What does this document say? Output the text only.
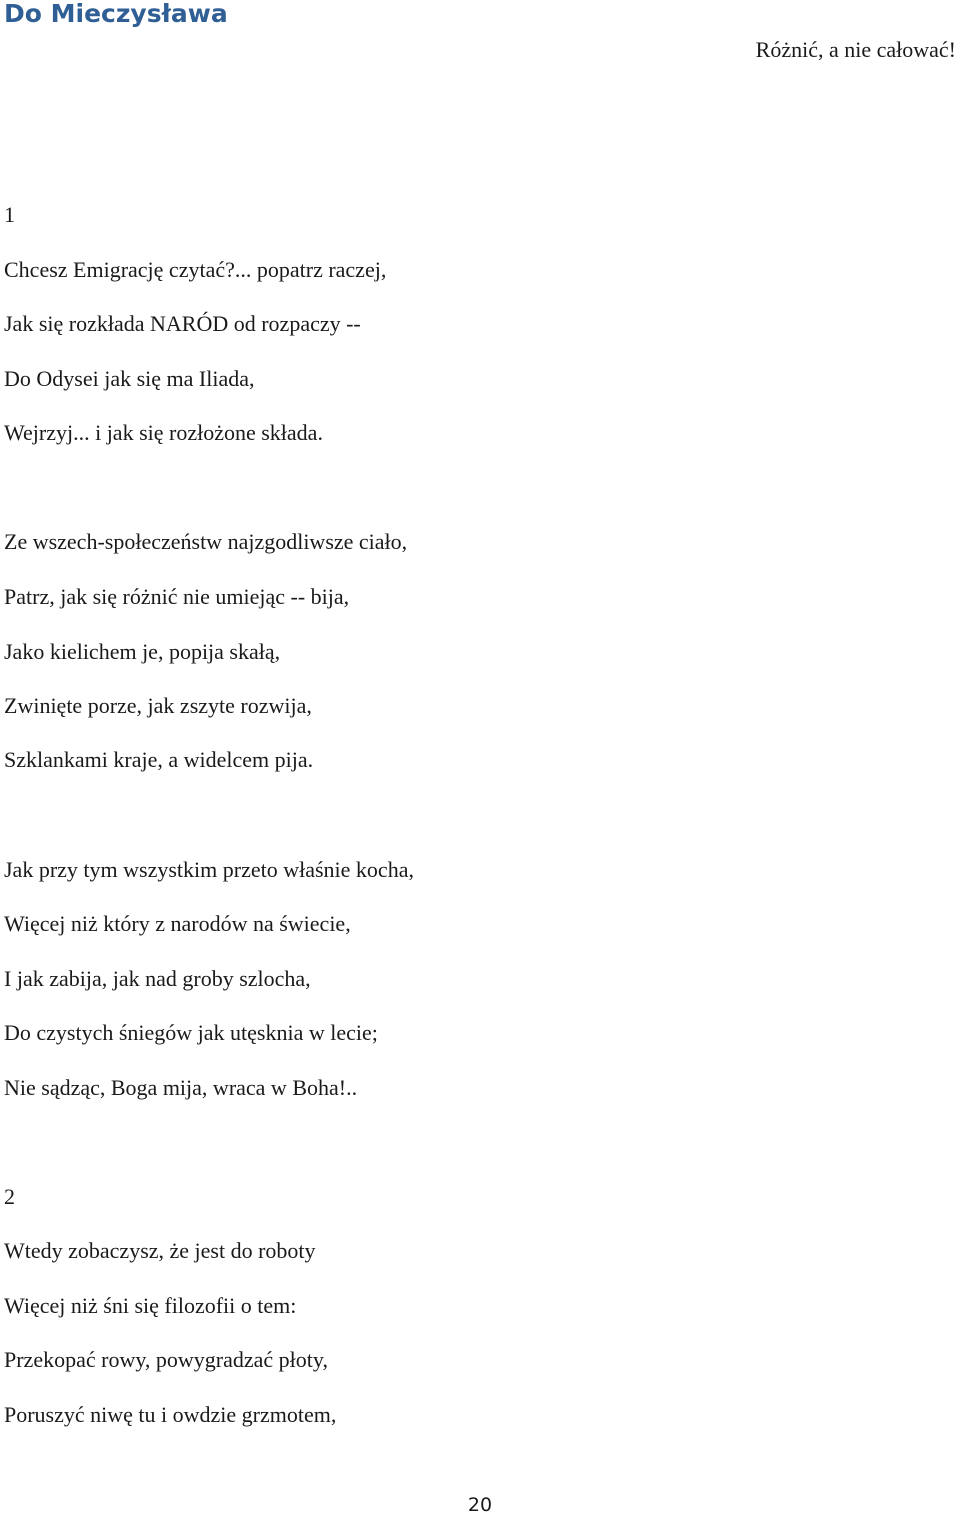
Do Mieczysława
Różnić, a nie całować!
1
Chcesz Emigrację czytać?... popatrz raczej,
Jak się rozkłada NARÓD od rozpaczy --
Do Odysei jak się ma Iliada,
Wejrzyj... i jak się rozłożone składa.
Ze wszech-społeczeństw najzgodliwsze ciało,
Patrz, jak się różnić nie umiejąc -- bija,
Jako kielichem je, popija skałą,
Zwinięte porze, jak zszyte rozwija,
Szklankami kraje, a widelcem pija.
Jak przy tym wszystkim przeto właśnie kocha,
Więcej niż który z narodów na świecie,
I jak zabija, jak nad groby szlocha,
Do czystych śniegów jak utęsknia w lecie;
Nie sądząc, Boga mija, wraca w Boha!..
2
Wtedy zobaczysz, że jest do roboty
Więcej niż śni się filozofii o tem:
Przekopać rowy, powygradzać płoty,
Poruszyć niwę tu i owdzie grzmotem,
20
